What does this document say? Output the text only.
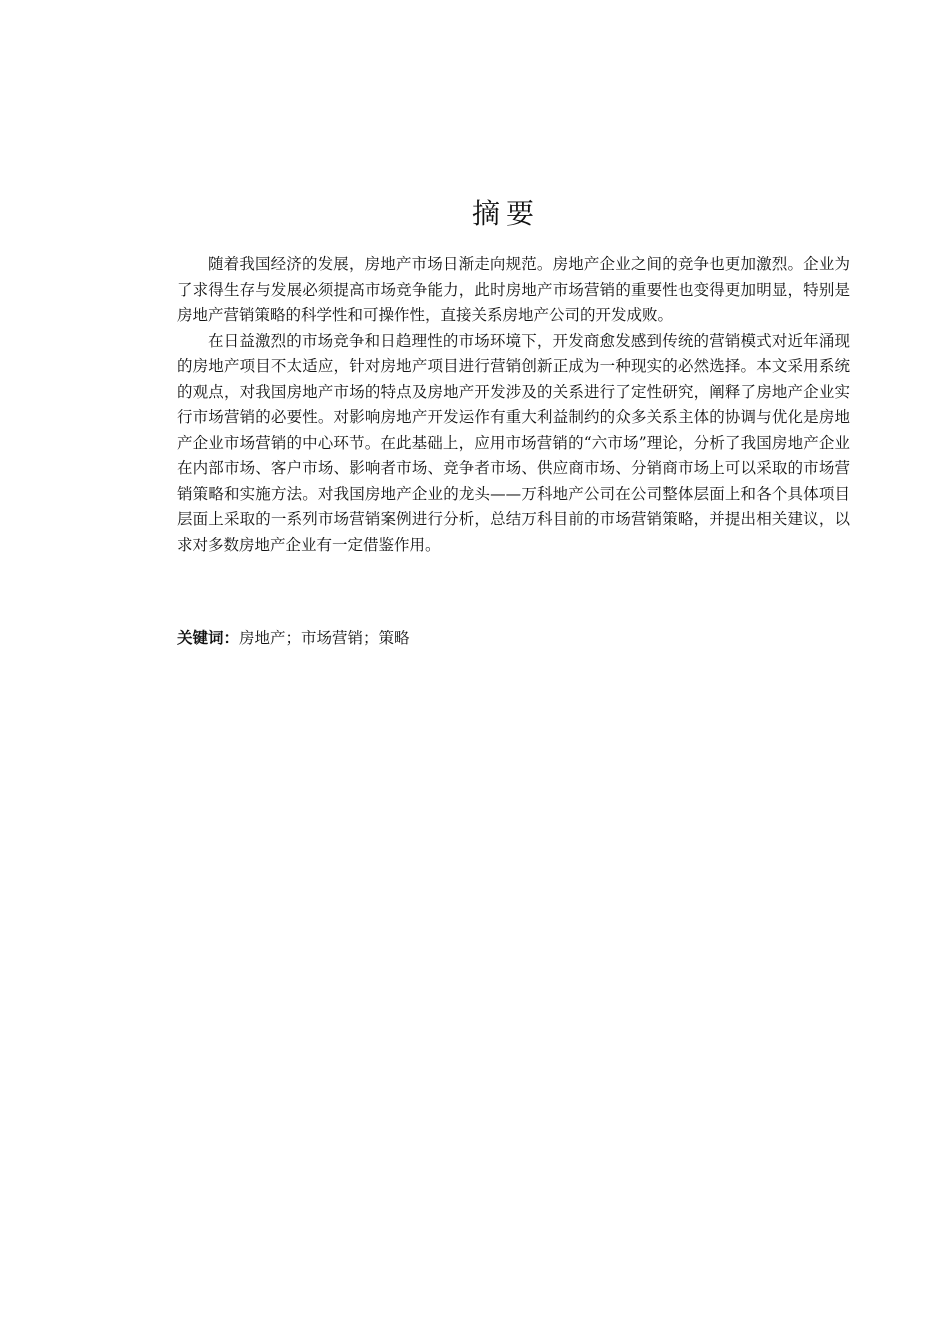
摘要

随着我国经济的发展，房地产市场日渐走向规范。房地产企业之间的竞争也更加激烈。企业为了求得生存与发展必须提高市场竞争能力，此时房地产市场营销的重要性也变得更加明显，特别是房地产营销策略的科学性和可操作性，直接关系房地产公司的开发成败。

在日益激烈的市场竞争和日趋理性的市场环境下，开发商愈发感到传统的营销模式对近年涌现的房地产项目不太适应，针对房地产项目进行营销创新正成为一种现实的必然选择。本文采用系统的观点，对我国房地产市场的特点及房地产开发涉及的关系进行了定性研究，阐释了房地产企业实行市场营销的必要性。对影响房地产开发运作有重大利益制约的众多关系主体的协调与优化是房地产企业市场营销的中心环节。在此基础上，应用市场营销的“六市场”理论，分析了我国房地产企业在内部市场、客户市场、影响者市场、竞争者市场、供应商市场、分销商市场上可以采取的市场营销策略和实施方法。对我国房地产企业的龙头——万科地产公司在公司整体层面上和各个具体项目层面上采取的一系列市场营销案例进行分析，总结万科目前的市场营销策略，并提出相关建议，以求对多数房地产企业有一定借鉴作用。

关键词：房地产；市场营销；策略
